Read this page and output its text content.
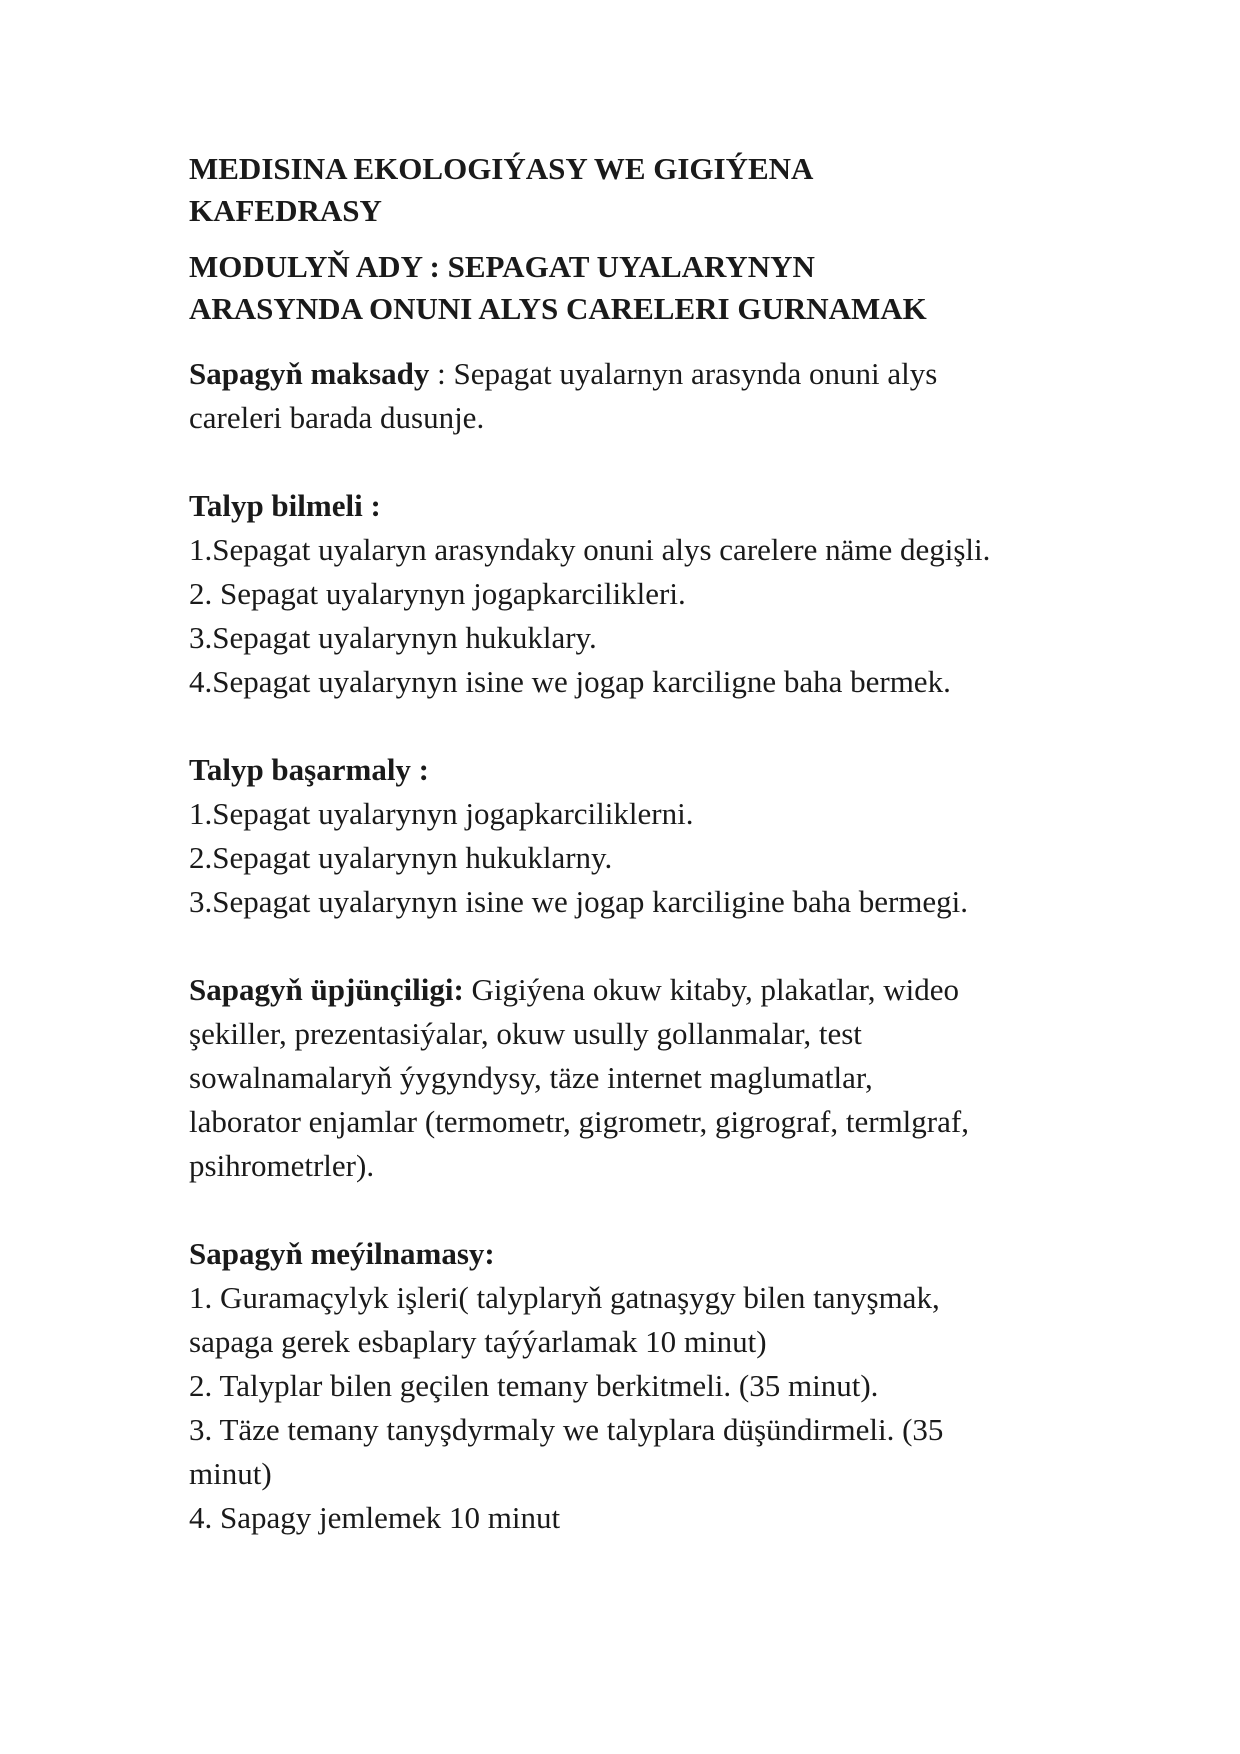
MEDISINA EKOLOGIÝASY WE GIGIÝENA
KAFEDRASY
MODULYŇ ADY : SEPAGAT UYALARYNYN
ARASYNDA ONUNI ALYS CARELERI GURNAMAK

Sapagyň maksady : Sepagat uyalarnyn arasynda onuni alys
careleri barada dusunje.

Talyp bilmeli :
1.Sepagat uyalaryn arasyndaky onuni alys carelere näme degişli.
2. Sepagat uyalarynyn jogapkarcilikleri.
3.Sepagat uyalarynyn hukuklary.
4.Sepagat uyalarynyn isine we jogap karciligne baha bermek.
Talyp başarmaly :
1.Sepagat uyalarynyn jogapkarciliklerni.
2.Sepagat uyalarynyn hukuklarny.
3.Sepagat uyalarynyn isine we jogap karciligine baha bermegi.

Sapagyň üpjünçiligi: Gigiýena okuw kitaby, plakatlar, wideo
şekiller, prezentasiýalar, okuw usully gollanmalar, test
sowalnamalaryň ýygyndysy, täze internet maglumatlar,
laborator enjamlar (termometr, gigrometr, gigrograf, termlgraf,
psihrometrler).

Sapagyň meýilnamasy:
1. Guramaçylyk işleri( talyplaryň gatnaşygy bilen tanyşmak,
sapaga gerek esbaplary taýýarlamak 10 minut)
2. Talyplar bilen geçilen temany berkitmeli. (35 minut).
3. Täze temany tanyşdyrmaly we talyplara düşündirmeli. (35
minut)
4. Sapagy jemlemek 10 minut
